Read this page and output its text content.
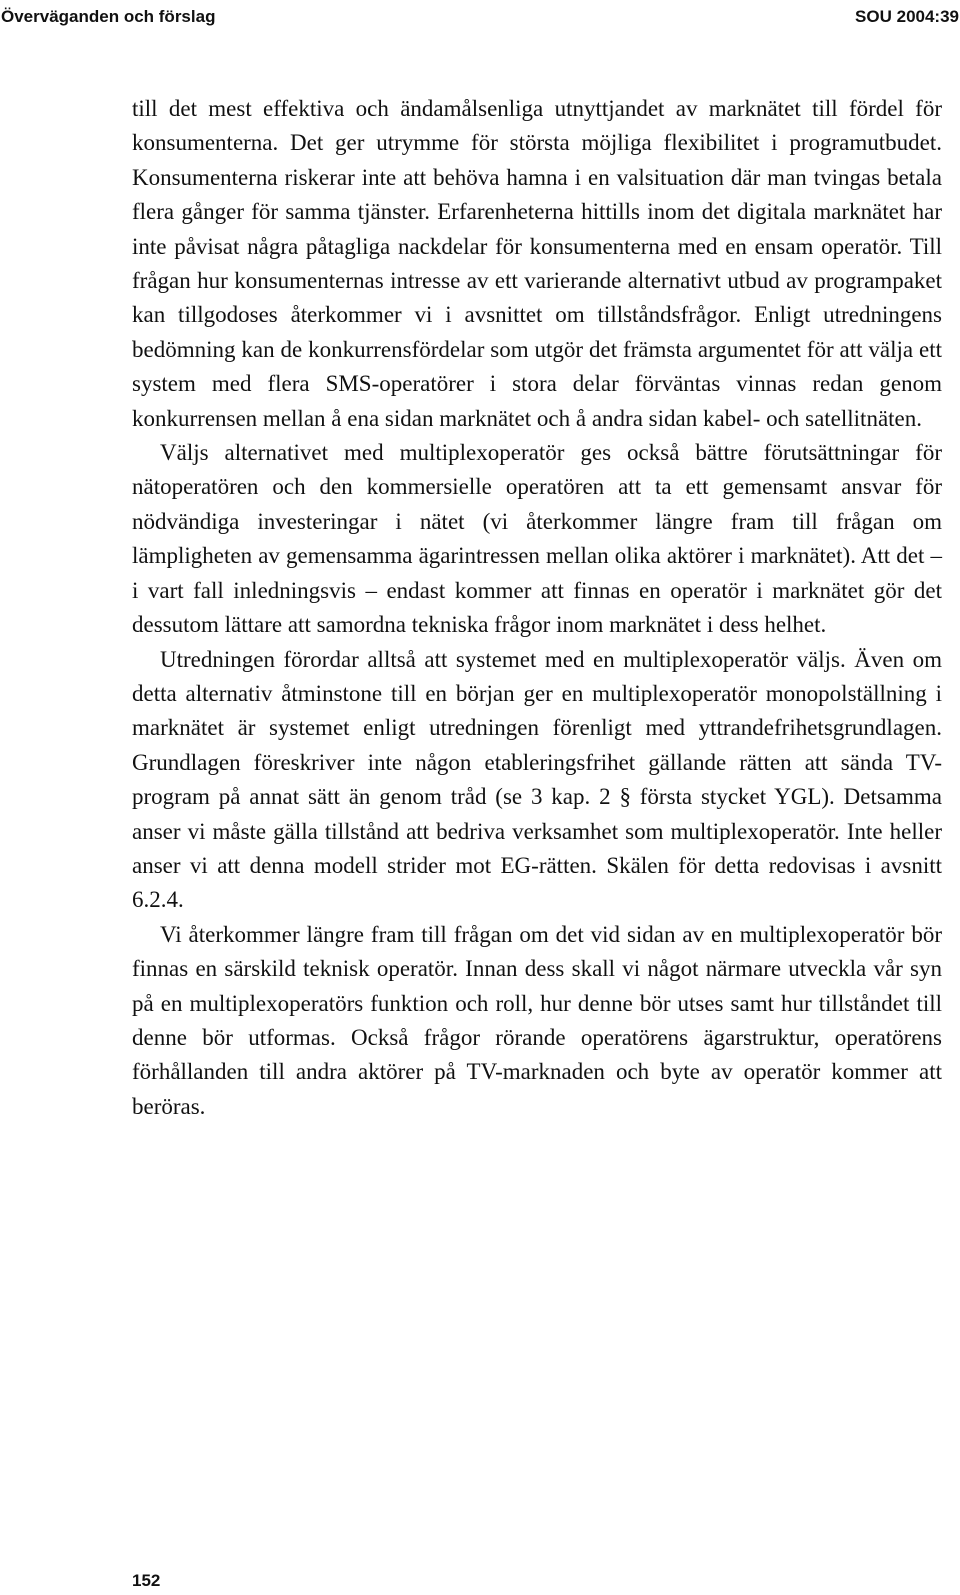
Överväganden och förslag	SOU 2004:39

till det mest effektiva och ändamålsenliga utnyttjandet av marknätet till fördel för konsumenterna. Det ger utrymme för största möjliga flexibilitet i programutbudet. Konsumenterna riskerar inte att behöva hamna i en valsituation där man tvingas betala flera gånger för samma tjänster. Erfarenheterna hittills inom det digitala marknätet har inte påvisat några påtagliga nackdelar för konsumenterna med en ensam operatör. Till frågan hur konsumenternas intresse av ett varierande alternativt utbud av programpaket kan tillgodoses återkommer vi i avsnittet om tillståndsfrågor. Enligt utredningens bedömning kan de konkurrensfördelar som utgör det främsta argumentet för att välja ett system med flera SMS-operatörer i stora delar förväntas vinnas redan genom konkurrensen mellan å ena sidan marknätet och å andra sidan kabel- och satellitnäten.

Väljs alternativet med multiplexoperatör ges också bättre förutsättningar för nätoperatören och den kommersielle operatören att ta ett gemensamt ansvar för nödvändiga investeringar i nätet (vi återkommer längre fram till frågan om lämpligheten av gemensamma ägarintressen mellan olika aktörer i marknätet). Att det – i vart fall inledningsvis – endast kommer att finnas en operatör i marknätet gör det dessutom lättare att samordna tekniska frågor inom marknätet i dess helhet.

Utredningen förordar alltså att systemet med en multiplexoperatör väljs. Även om detta alternativ åtminstone till en början ger en multiplexoperatör monopolställning i marknätet är systemet enligt utredningen förenligt med yttrandefrihetsgrundlagen. Grundlagen föreskriver inte någon etableringsfrihet gällande rätten att sända TV-program på annat sätt än genom tråd (se 3 kap. 2 § första stycket YGL). Detsamma anser vi måste gälla tillstånd att bedriva verksamhet som multiplexoperatör. Inte heller anser vi att denna modell strider mot EG-rätten. Skälen för detta redovisas i avsnitt 6.2.4.

Vi återkommer längre fram till frågan om det vid sidan av en multiplexoperatör bör finnas en särskild teknisk operatör. Innan dess skall vi något närmare utveckla vår syn på en multiplexoperatörs funktion och roll, hur denne bör utses samt hur tillståndet till denne bör utformas. Också frågor rörande operatörens ägarstruktur, operatörens förhållanden till andra aktörer på TV-marknaden och byte av operatör kommer att beröras.

152
